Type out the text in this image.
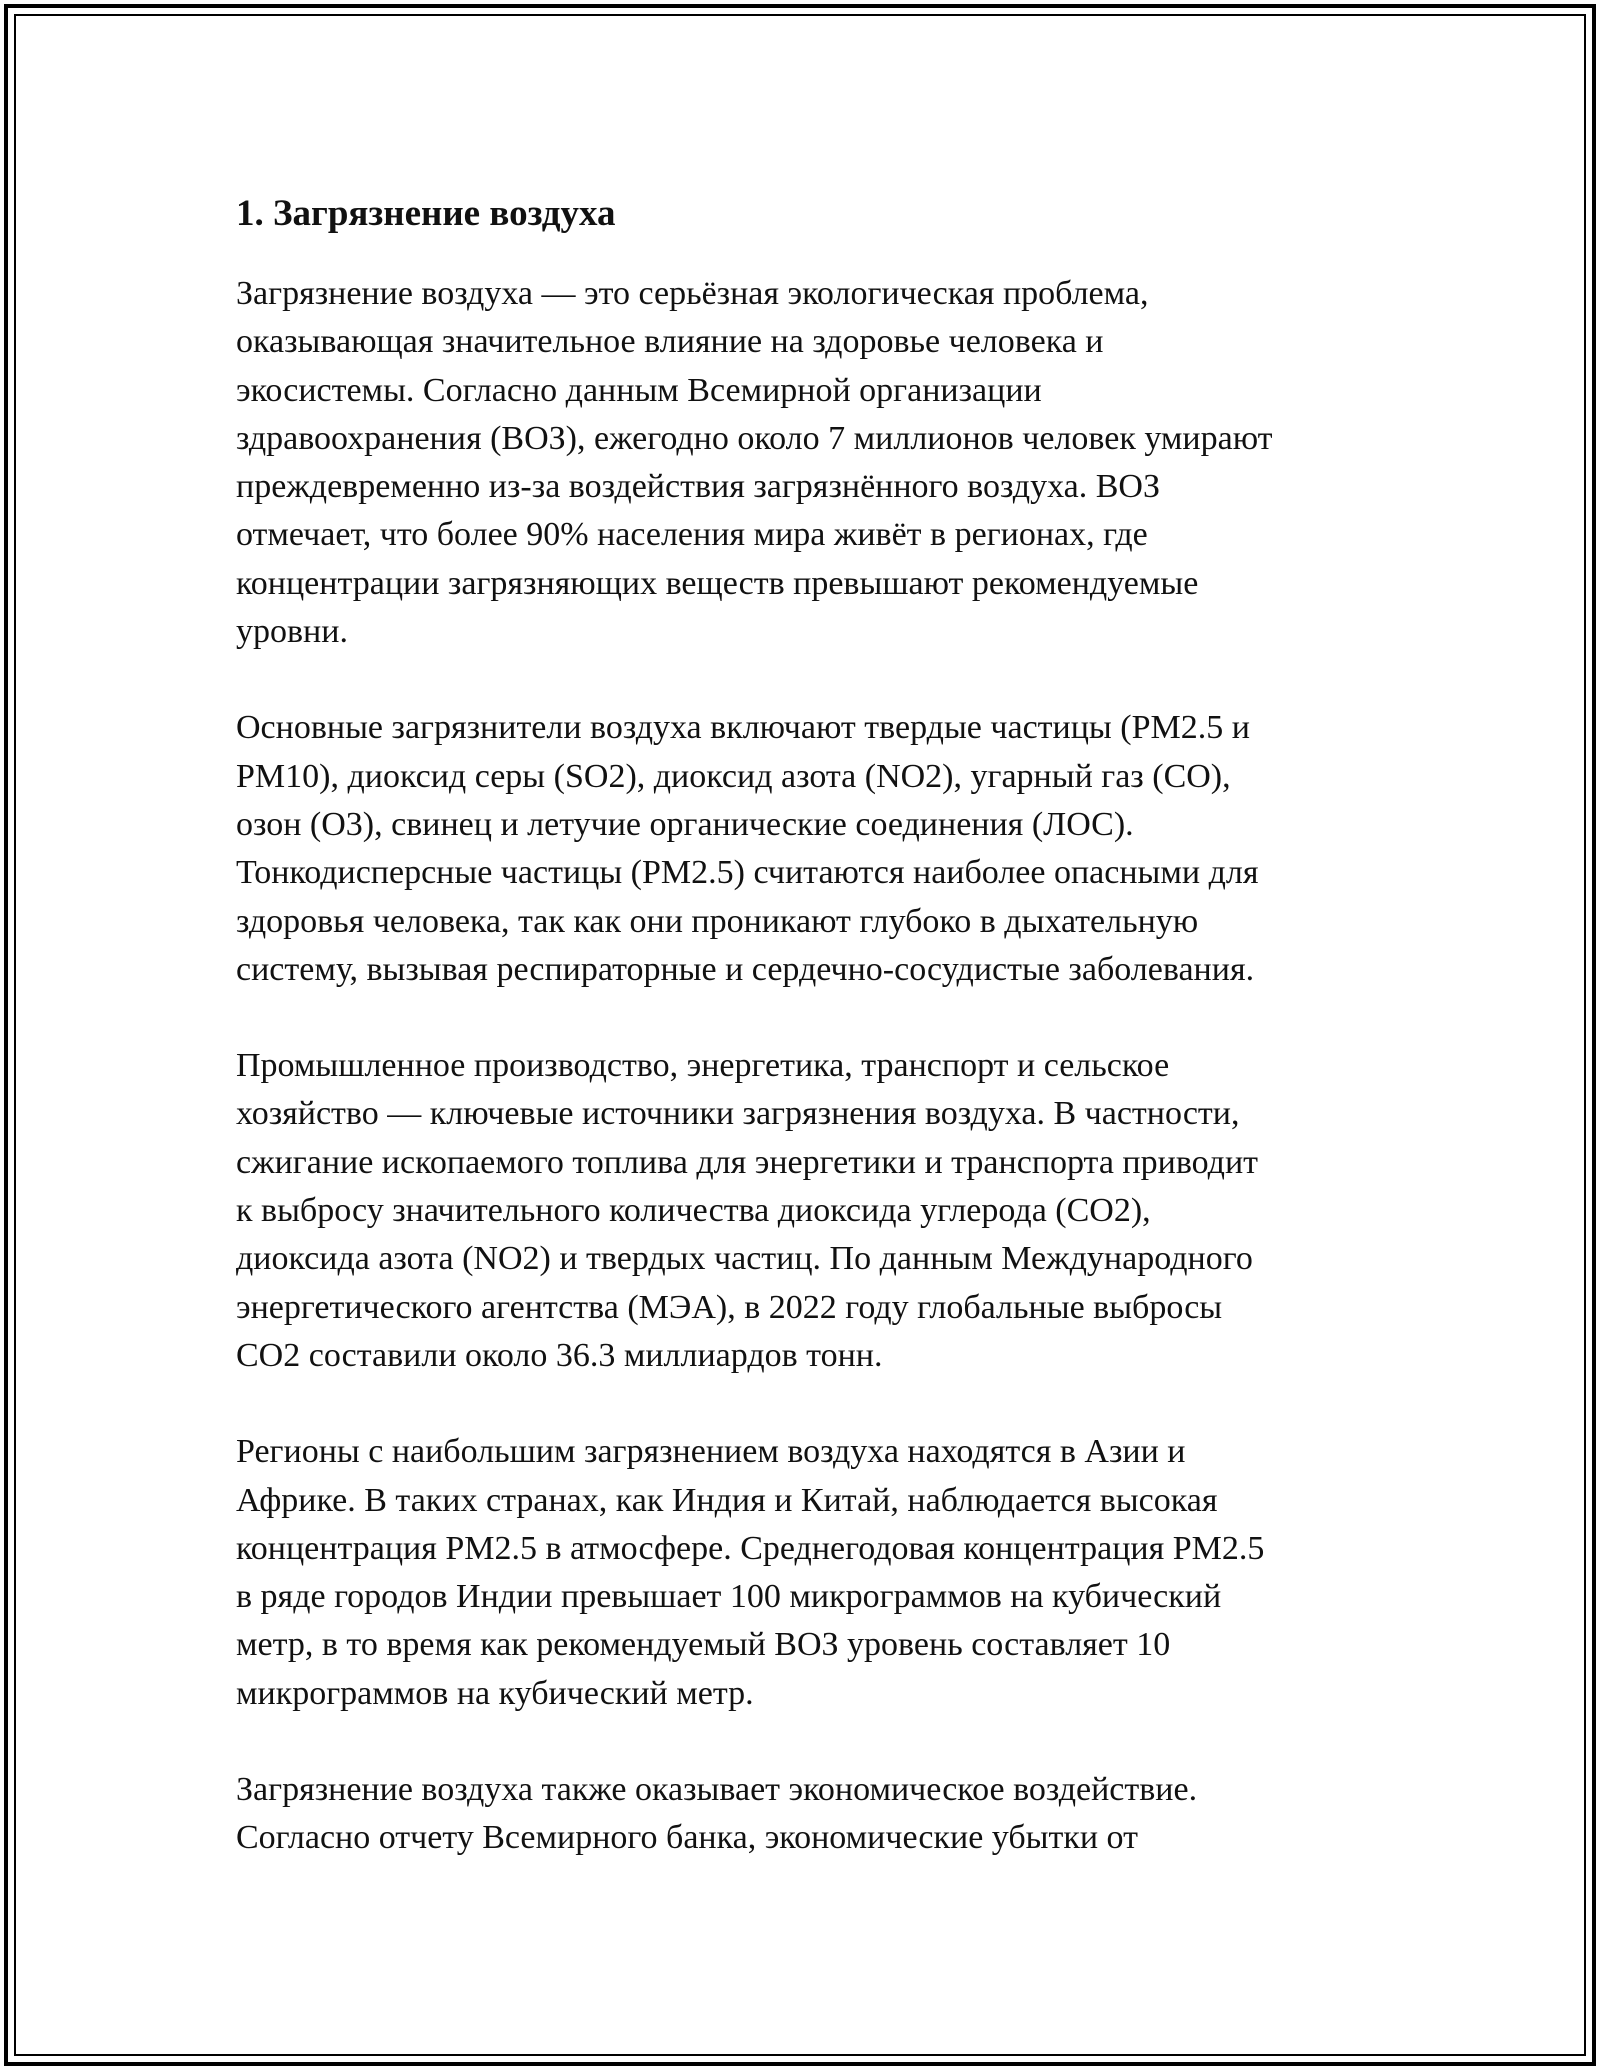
1. Загрязнение воздуха

Загрязнение воздуха — это серьёзная экологическая проблема,
оказывающая значительное влияние на здоровье человека и
экосистемы. Согласно данным Всемирной организации
здравоохранения (ВОЗ), ежегодно около 7 миллионов человек умирают
преждевременно из-за воздействия загрязнённого воздуха. ВОЗ
отмечает, что более 90% населения мира живёт в регионах, где
концентрации загрязняющих веществ превышают рекомендуемые
уровни.

Основные загрязнители воздуха включают твердые частицы (PM2.5 и
PM10), диоксид серы (SO2), диоксид азота (NO2), угарный газ (CO),
озон (O3), свинец и летучие органические соединения (ЛОС).
Тонкодисперсные частицы (PM2.5) считаются наиболее опасными для
здоровья человека, так как они проникают глубоко в дыхательную
систему, вызывая респираторные и сердечно-сосудистые заболевания.

Промышленное производство, энергетика, транспорт и сельское
хозяйство — ключевые источники загрязнения воздуха. В частности,
сжигание ископаемого топлива для энергетики и транспорта приводит
к выбросу значительного количества диоксида углерода (CO2),
диоксида азота (NO2) и твердых частиц. По данным Международного
энергетического агентства (МЭА), в 2022 году глобальные выбросы
CO2 составили около 36.3 миллиардов тонн.

Регионы с наибольшим загрязнением воздуха находятся в Азии и
Африке. В таких странах, как Индия и Китай, наблюдается высокая
концентрация PM2.5 в атмосфере. Среднегодовая концентрация PM2.5
в ряде городов Индии превышает 100 микрограммов на кубический
метр, в то время как рекомендуемый ВОЗ уровень составляет 10
микрограммов на кубический метр.

Загрязнение воздуха также оказывает экономическое воздействие.
Согласно отчету Всемирного банка, экономические убытки от
